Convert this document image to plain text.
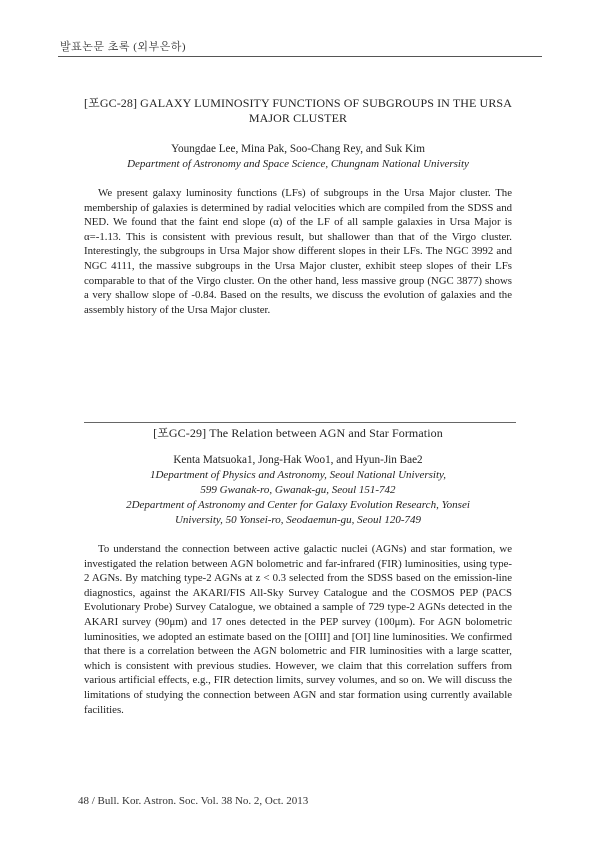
발표논문 초록 (외부은하)
[포GC-28] GALAXY LUMINOSITY FUNCTIONS OF SUBGROUPS IN THE URSA MAJOR CLUSTER

Youngdae Lee, Mina Pak, Soo-Chang Rey, and Suk Kim

Department of Astronomy and Space Science, Chungnam National University

We present galaxy luminosity functions (LFs) of subgroups in the Ursa Major cluster. The membership of galaxies is determined by radial velocities which are compiled from the SDSS and NED. We found that the faint end slope (α) of the LF of all sample galaxies in Ursa Major is α=-1.13. This is consistent with previous result, but shallower than that of the Virgo cluster. Interestingly, the subgroups in Ursa Major show different slopes in their LFs. The NGC 3992 and NGC 4111, the massive subgroups in the Ursa Major cluster, exhibit steep slopes of their LFs comparable to that of the Virgo cluster. On the other hand, less massive group (NGC 3877) shows a very shallow slope of -0.84. Based on the results, we discuss the evolution of galaxies and the assembly history of the Ursa Major cluster.

[포GC-29] The Relation between AGN and Star Formation

Kenta Matsuoka1, Jong-Hak Woo1, and Hyun-Jin Bae2

1Department of Physics and Astronomy, Seoul National University,

599 Gwanak-ro, Gwanak-gu, Seoul 151-742

2Department of Astronomy and Center for Galaxy Evolution Research, Yonsei

University, 50 Yonsei-ro, Seodaemun-gu, Seoul 120-749

To understand the connection between active galactic nuclei (AGNs) and star formation, we investigated the relation between AGN bolometric and far-infrared (FIR) luminosities, using type-2 AGNs. By matching type-2 AGNs at z < 0.3 selected from the SDSS based on the emission-line diagnostics, against the AKARI/FIS All-Sky Survey Catalogue and the COSMOS PEP (PACS Evolutionary Probe) Survey Catalogue, we obtained a sample of 729 type-2 AGNs detected in the AKARI survey (90μm) and 17 ones detected in the PEP survey (100μm). For AGN bolometric luminosities, we adopted an estimate based on the [OIII] and [OI] line luminosities. We confirmed that there is a correlation between the AGN bolometric and FIR luminosities with a large scatter, which is consistent with previous studies. However, we claim that this correlation suffers from various artificial effects, e.g., FIR detection limits, survey volumes, and so on. We will discuss the limitations of studying the connection between AGN and star formation using currently available facilities.

48 / Bull. Kor. Astron. Soc. Vol. 38 No. 2, Oct. 2013
